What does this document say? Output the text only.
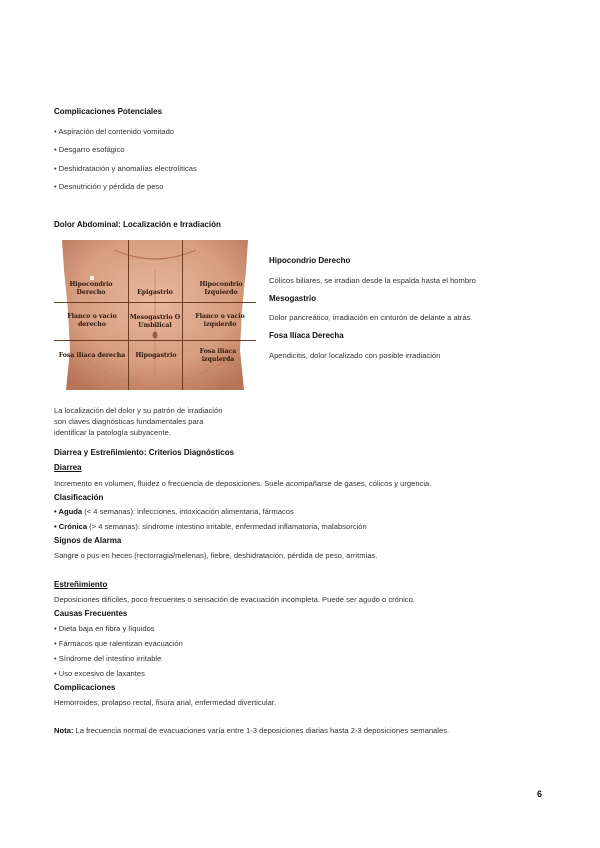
Complicaciones Potenciales
• Aspiración del contenido vomitado
• Desgarro esofágico
• Deshidratación y anomalías electrolíticas
• Desnutrición y pérdida de peso
Dolor Abdominal: Localización e Irradiación
Hipocondrio Derecho	Epigastrio
Hipocondrio Izquierdo
Flanco o vacío derecho
Mesogastrio O Umbilical
Flanco o vacío izquierdo
Fosa ilíaca derecha	Hipogastrio
Fosa ilíaca izquierda
Hipocondrio Derecho
Cólicos biliares, se irradian desde la espalda hasta el hombro
Mesogastrio
Dolor pancreático, irradiación en cinturón de delante a atrás
Fosa Ilíaca Derecha
Apendicitis, dolor localizado con posible irradiación
La localización del dolor y su patrón de irradiación
son claves diagnósticas fundamentales para
identificar la patología subyacente.
Diarrea y Estreñimiento: Criterios Diagnósticos
Diarrea
Incremento en volumen, fluidez o frecuencia de deposiciones. Suele acompañarse de gases, cólicos y urgencia.
Clasificación
• Aguda (< 4 semanas): infecciones, intoxicación alimentaria, fármacos
• Crónica (> 4 semanas): síndrome intestino irritable, enfermedad inflamatoria, malabsorción
Signos de Alarma
Sangre o pus en heces (rectorragia/melenas), fiebre, deshidratación, pérdida de peso, arritmias.
Estreñimiento
Deposiciones difíciles, poco frecuentes o sensación de evacuación incompleta. Puede ser agudo o crónico.
Causas Frecuentes
• Dieta baja en fibra y líquidos
• Fármacos que ralentizan evacuación
• Síndrome del intestino irritable
• Uso excesivo de laxantes
Complicaciones
Hemorroides, prolapso rectal, fisura anal, enfermedad diverticular.
Nota: La frecuencia normal de evacuaciones varía entre 1-3 deposiciones diarias hasta 2-3 deposiciones semanales.
6
